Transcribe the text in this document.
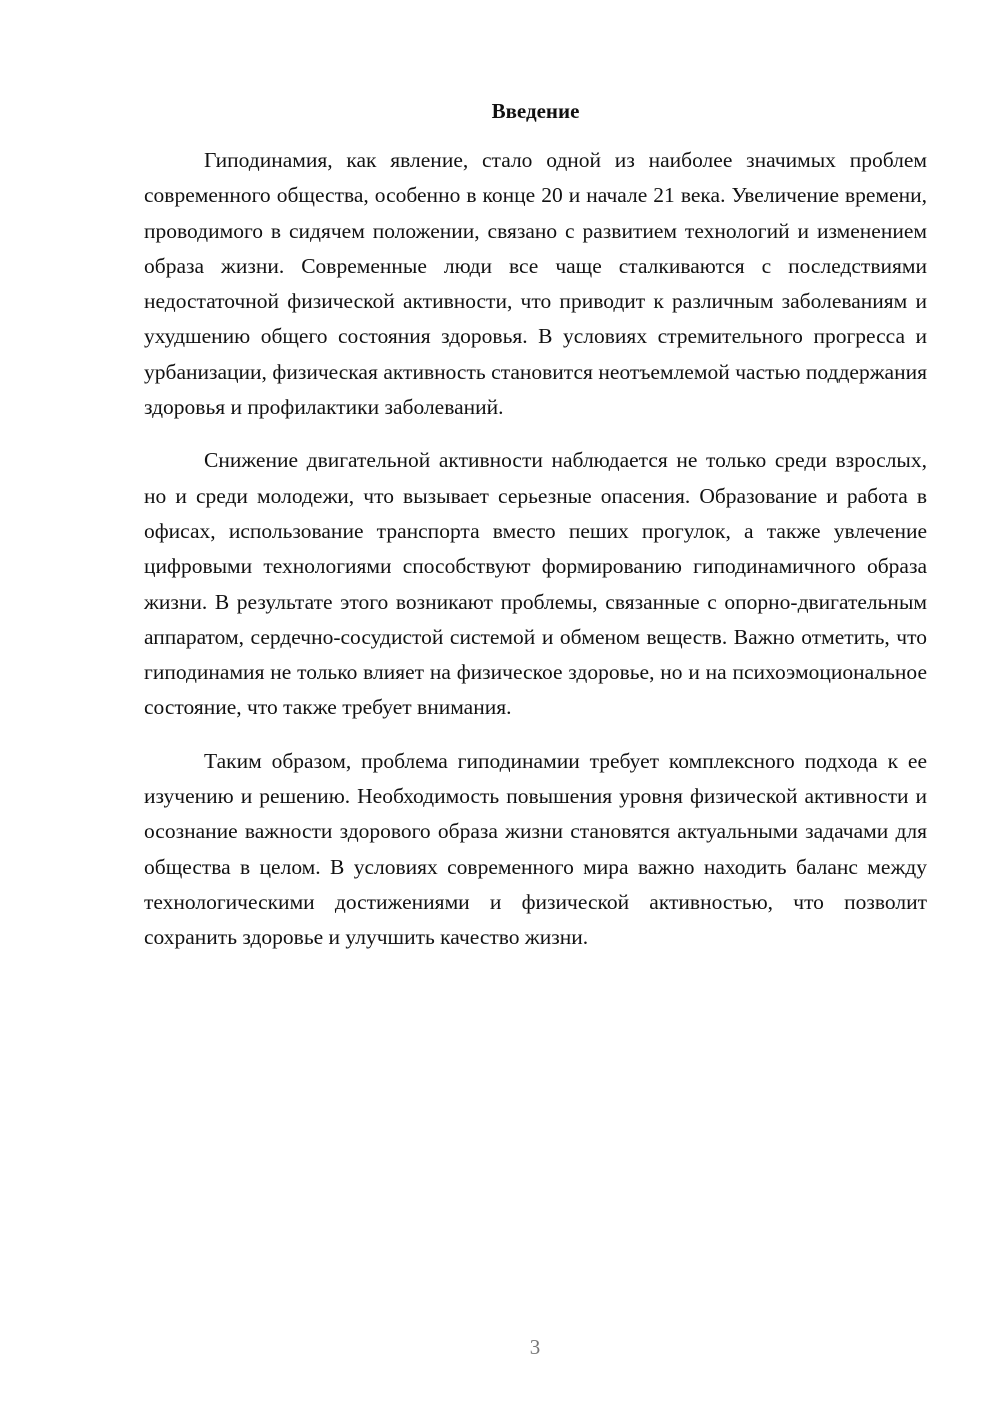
Введение

Гиподинамия, как явление, стало одной из наиболее значимых проблем современного общества, особенно в конце 20 и начале 21 века. Увеличение времени, проводимого в сидячем положении, связано с развитием технологий и изменением образа жизни. Современные люди все чаще сталкиваются с последствиями недостаточной физической активности, что приводит к различным заболеваниям и ухудшению общего состояния здоровья. В условиях стремительного прогресса и урбанизации, физическая активность становится неотъемлемой частью поддержания здоровья и профилактики заболеваний.

Снижение двигательной активности наблюдается не только среди взрослых, но и среди молодежи, что вызывает серьезные опасения. Образование и работа в офисах, использование транспорта вместо пеших прогулок, а также увлечение цифровыми технологиями способствуют формированию гиподинамичного образа жизни. В результате этого возникают проблемы, связанные с опорно-двигательным аппаратом, сердечно-сосудистой системой и обменом веществ. Важно отметить, что гиподинамия не только влияет на физическое здоровье, но и на психоэмоциональное состояние, что также требует внимания.

Таким образом, проблема гиподинамии требует комплексного подхода к ее изучению и решению. Необходимость повышения уровня физической активности и осознание важности здорового образа жизни становятся актуальными задачами для общества в целом. В условиях современного мира важно находить баланс между технологическими достижениями и физической активностью, что позволит сохранить здоровье и улучшить качество жизни.

3
